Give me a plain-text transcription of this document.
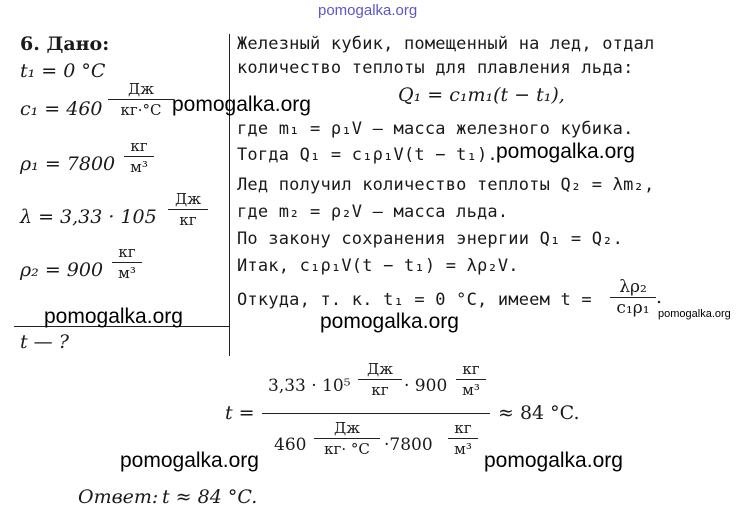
pomogalka.org
6. Дано:
t₁ = 0 °C
c₁ = 460
Дж
кг·°C
ρ₁ = 7800
кг
м³
λ = 3,33 · 105
Дж
кг
ρ₂ = 900
кг
м³
t — ?
Железный кубик, помещенный на лед, отдал
количество теплоты для плавления льда:
Q₁ = c₁m₁(t − t₁),
где m₁ = ρ₁V — масса железного кубика.
Тогда Q₁ = c₁ρ₁V(t − t₁).
Лед получил количество теплоты Q₂ = λm₂,
где m₂ = ρ₂V — масса льда.
По закону сохранения энергии Q₁ = Q₂.
Итак, c₁ρ₁V(t − t₁) = λρ₂V.
Откуда, т. к. t₁ = 0 °C, имеем t =
λρ₂
c₁ρ₁ .
t =
3,33 · 10⁵
Дж
кг · 900
кг
м³
460
Дж
кг· °C ·7800
кг
м³
≈ 84 °C.
Ответ: t ≈ 84 °C.
pomogalka.org
pomogalka.org
pomogalka.org	pomogalka.org
pomogalka.org	pomogalka.org
pomogalka.org
